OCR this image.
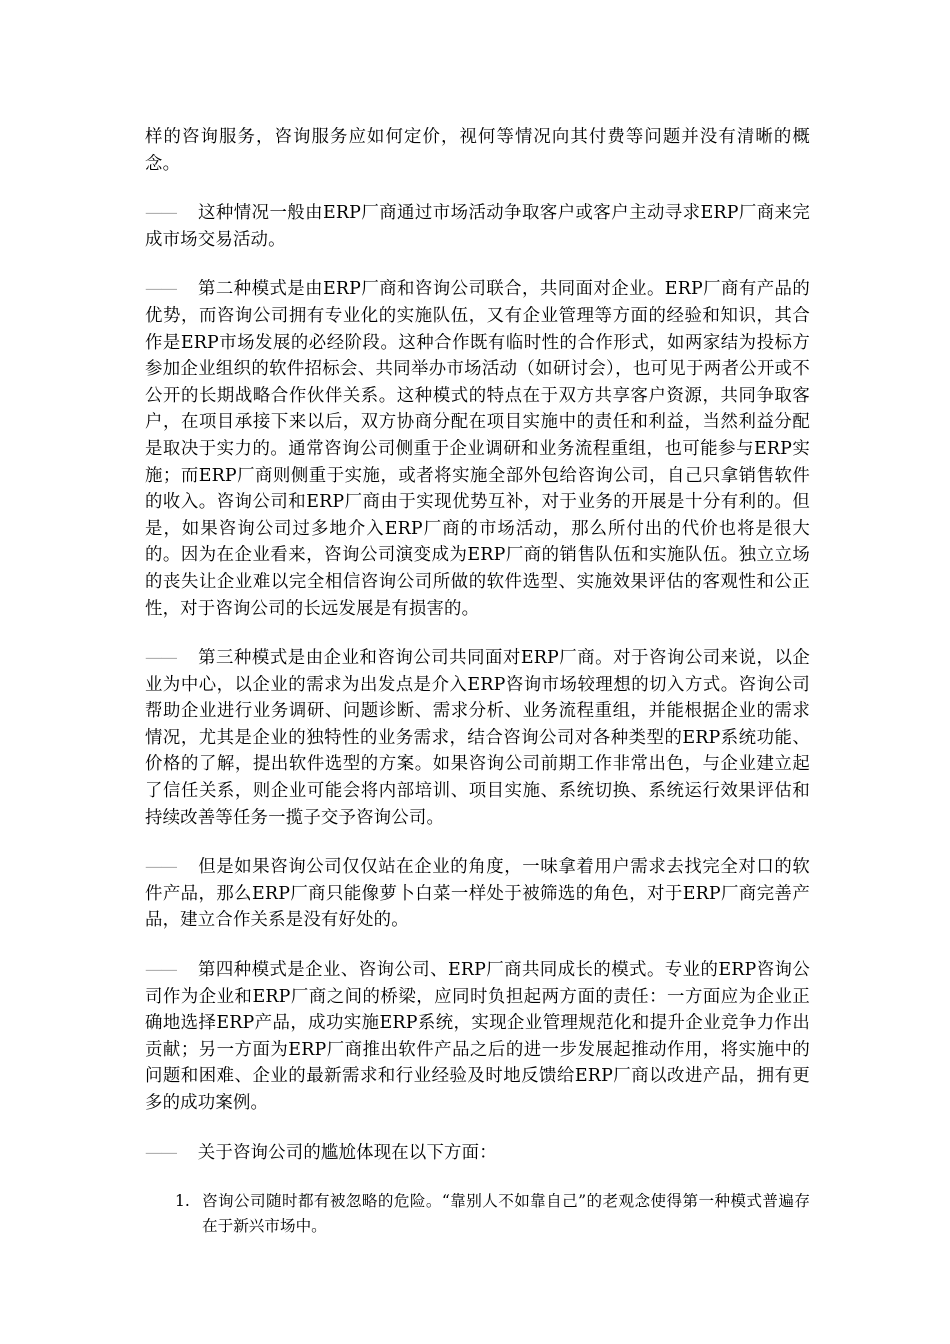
样的咨询服务，咨询服务应如何定价，视何等情况向其付费等问题并没有清晰的概念。

—— 这种情况一般由ERP厂商通过市场活动争取客户或客户主动寻求ERP厂商来完成市场交易活动。

—— 第二种模式是由ERP厂商和咨询公司联合，共同面对企业。ERP厂商有产品的优势，而咨询公司拥有专业化的实施队伍，又有企业管理等方面的经验和知识，其合作是ERP市场发展的必经阶段。这种合作既有临时性的合作形式，如两家结为投标方参加企业组织的软件招标会、共同举办市场活动（如研讨会），也可见于两者公开或不公开的长期战略合作伙伴关系。这种模式的特点在于双方共享客户资源，共同争取客户，在项目承接下来以后，双方协商分配在项目实施中的责任和利益，当然利益分配是取决于实力的。通常咨询公司侧重于企业调研和业务流程重组，也可能参与ERP实施；而ERP厂商则侧重于实施，或者将实施全部外包给咨询公司，自己只拿销售软件的收入。咨询公司和ERP厂商由于实现优势互补，对于业务的开展是十分有利的。但是，如果咨询公司过多地介入ERP厂商的市场活动，那么所付出的代价也将是很大的。因为在企业看来，咨询公司演变成为ERP厂商的销售队伍和实施队伍。独立立场的丧失让企业难以完全相信咨询公司所做的软件选型、实施效果评估的客观性和公正性，对于咨询公司的长远发展是有损害的。

—— 第三种模式是由企业和咨询公司共同面对ERP厂商。对于咨询公司来说，以企业为中心，以企业的需求为出发点是介入ERP咨询市场较理想的切入方式。咨询公司帮助企业进行业务调研、问题诊断、需求分析、业务流程重组，并能根据企业的需求情况，尤其是企业的独特性的业务需求，结合咨询公司对各种类型的ERP系统功能、价格的了解，提出软件选型的方案。如果咨询公司前期工作非常出色，与企业建立起了信任关系，则企业可能会将内部培训、项目实施、系统切换、系统运行效果评估和持续改善等任务一揽子交予咨询公司。

—— 但是如果咨询公司仅仅站在企业的角度，一味拿着用户需求去找完全对口的软件产品，那么ERP厂商只能像萝卜白菜一样处于被筛选的角色，对于ERP厂商完善产品，建立合作关系是没有好处的。

—— 第四种模式是企业、咨询公司、ERP厂商共同成长的模式。专业的ERP咨询公司作为企业和ERP厂商之间的桥梁，应同时负担起两方面的责任：一方面应为企业正确地选择ERP产品，成功实施ERP系统，实现企业管理规范化和提升企业竞争力作出贡献；另一方面为ERP厂商推出软件产品之后的进一步发展起推动作用，将实施中的问题和困难、企业的最新需求和行业经验及时地反馈给ERP厂商以改进产品，拥有更多的成功案例。

—— 关于咨询公司的尴尬体现在以下方面：

1. 咨询公司随时都有被忽略的危险。“靠别人不如靠自己”的老观念使得第一种模式普遍存在于新兴市场中。
